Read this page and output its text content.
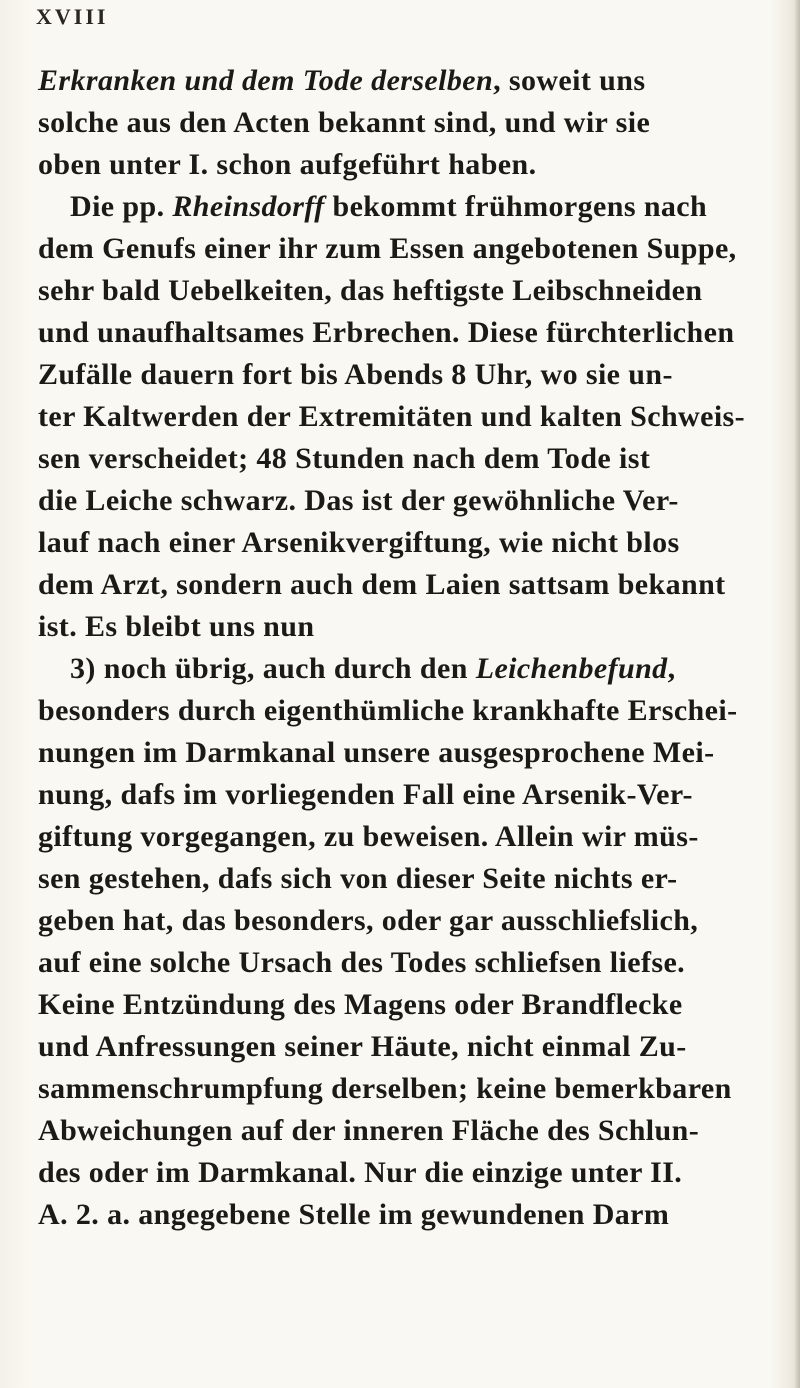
XVIII
Erkranken und dem Tode derselben, soweit uns
solche aus den Acten bekannt sind, und wir sie
oben unter I. schon aufgeführt haben.
Die pp. Rheinsdorff bekommt frühmorgens nach
dem Genufs einer ihr zum Essen angebotenen Suppe,
sehr bald Uebelkeiten, das heftigste Leibschneiden
und unaufhaltsames Erbrechen. Diese fürchterlichen
Zufälle dauern fort bis Abends 8 Uhr, wo sie un-
ter Kaltwerden der Extremitäten und kalten Schweis-
sen verscheidet; 48 Stunden nach dem Tode ist
die Leiche schwarz. Das ist der gewöhnliche Ver-
lauf nach einer Arsenikvergiftung, wie nicht blos
dem Arzt, sondern auch dem Laien sattsam bekannt
ist. Es bleibt uns nun
3) noch übrig, auch durch den Leichenbefund,
besonders durch eigenthümliche krankhafte Erschei-
nungen im Darmkanal unsere ausgesprochene Mei-
nung, dafs im vorliegenden Fall eine Arsenik-Ver-
giftung vorgegangen, zu beweisen. Allein wir müs-
sen gestehen, dafs sich von dieser Seite nichts er-
geben hat, das besonders, oder gar ausschliefslich,
auf eine solche Ursach des Todes schliefsen liefse.
Keine Entzündung des Magens oder Brandflecke
und Anfressungen seiner Häute, nicht einmal Zu-
sammenschrumpfung derselben; keine bemerkbaren
Abweichungen auf der inneren Fläche des Schlun-
des oder im Darmkanal. Nur die einzige unter II.
A. 2. a. angegebene Stelle im gewundenen Darm
